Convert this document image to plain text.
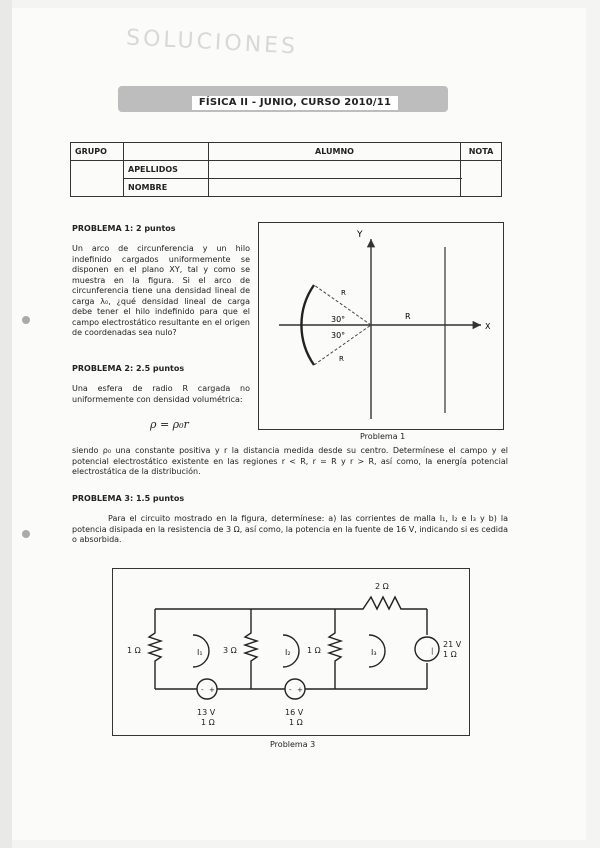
SOLUCIONES
FÍSICA II - JUNIO, CURSO 2010/11
GRUPO		ALUMNO	NOTA
	APELLIDOS		
	NOMBRE		
PROBLEMA 1: 2 puntos
Un arco de circunferencia y un hilo indefinido cargados uniformemente se disponen en el plano XY, tal y como se muestra en la figura. Si el arco de circunferencia tiene una densidad lineal de carga λ₀, ¿qué densidad lineal de carga debe tener el hilo indefinido para que el campo electrostático resultante en el origen de coordenadas sea nulo?
Y
X
R
R
R
30°
30°
Problema 1
PROBLEMA 2: 2.5 puntos
Una esfera de radio R cargada no uniformemente con densidad volumétrica:
ρ = ρ₀r
siendo ρ₀ una constante positiva y r la distancia medida desde su centro. Determínese el campo y el potencial electrostático existente en las regiones r < R, r = R y r > R, así como, la energía potencial electrostática de la distribución.
PROBLEMA 3: 1.5 puntos
Para el circuito mostrado en la figura, determínese: a) las corrientes de malla I₁, I₂ e I₃ y b) la potencia disipada en la resistencia de 3 Ω, así como, la potencia en la fuente de 16 V, indicando si es cedida o absorbida.
|
- +	- +
1 Ω	3 Ω	1 Ω
2 Ω
I₁	I₂	I₃
21 V
1 Ω
13 V
1 Ω
16 V
1 Ω
Problema 3
